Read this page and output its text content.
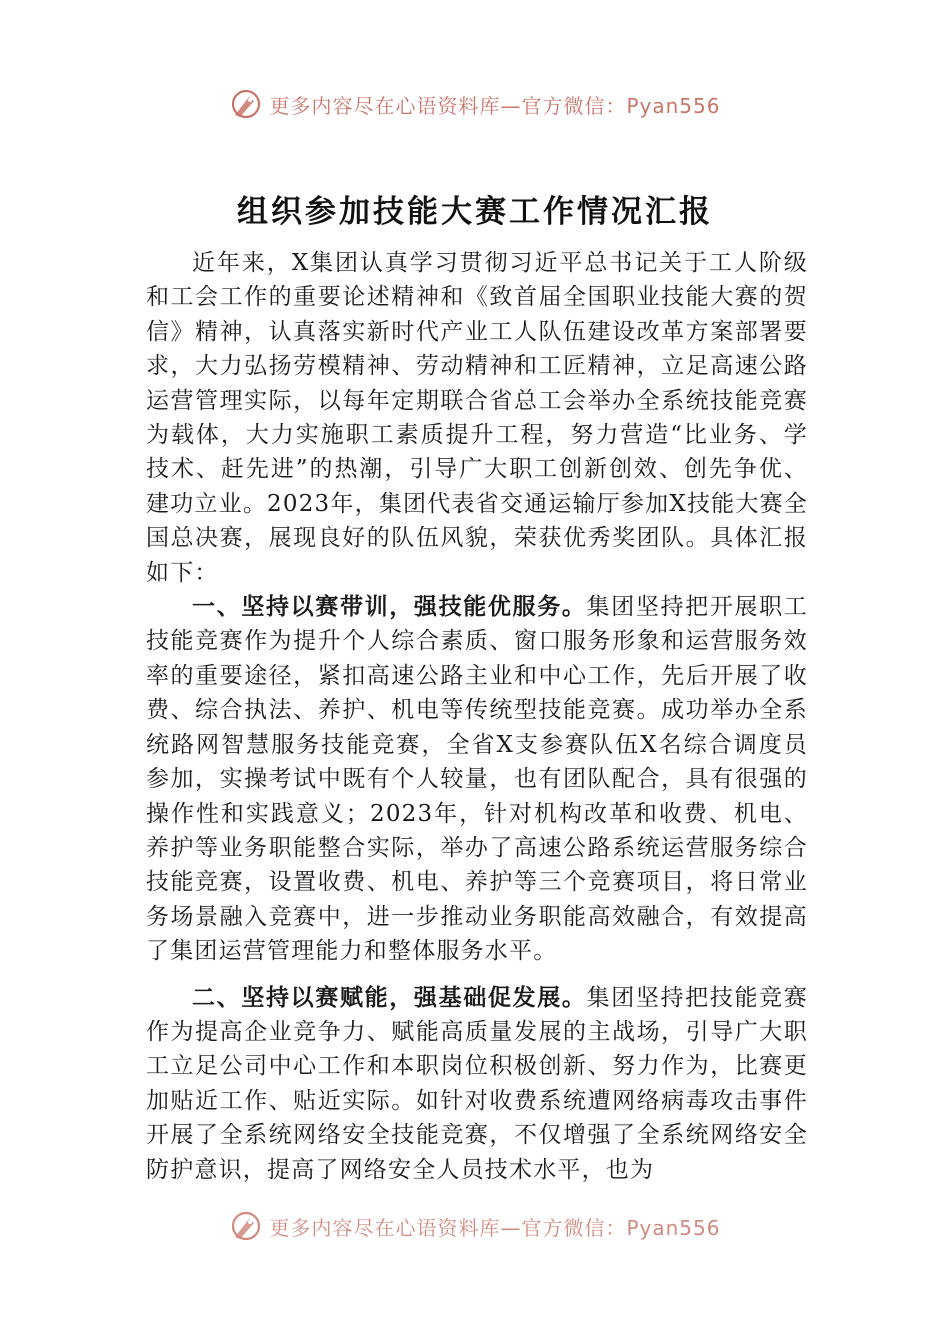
更多内容尽在心语资料库—官方微信：Pyan556
组织参加技能大赛工作情况汇报

近年来，X集团认真学习贯彻习近平总书记关于工人阶级和工会工作的重要论述精神和《致首届全国职业技能大赛的贺信》精神，认真落实新时代产业工人队伍建设改革方案部署要求，大力弘扬劳模精神、劳动精神和工匠精神，立足高速公路运营管理实际，以每年定期联合省总工会举办全系统技能竞赛为载体，大力实施职工素质提升工程，努力营造“比业务、学技术、赶先进”的热潮，引导广大职工创新创效、创先争优、建功立业。2023年，集团代表省交通运输厅参加X技能大赛全国总决赛，展现良好的队伍风貌，荣获优秀奖团队。具体汇报如下：

一、坚持以赛带训，强技能优服务。集团坚持把开展职工技能竞赛作为提升个人综合素质、窗口服务形象和运营服务效率的重要途径，紧扣高速公路主业和中心工作，先后开展了收费、综合执法、养护、机电等传统型技能竞赛。成功举办全系统路网智慧服务技能竞赛，全省X支参赛队伍X名综合调度员参加，实操考试中既有个人较量，也有团队配合，具有很强的操作性和实践意义；2023年，针对机构改革和收费、机电、养护等业务职能整合实际，举办了高速公路系统运营服务综合技能竞赛，设置收费、机电、养护等三个竞赛项目，将日常业务场景融入竞赛中，进一步推动业务职能高效融合，有效提高了集团运营管理能力和整体服务水平。

二、坚持以赛赋能，强基础促发展。集团坚持把技能竞赛作为提高企业竞争力、赋能高质量发展的主战场，引导广大职工立足公司中心工作和本职岗位积极创新、努力作为，比赛更加贴近工作、贴近实际。如针对收费系统遭网络病毒攻击事件开展了全系统网络安全技能竞赛，不仅增强了全系统网络安全防护意识，提高了网络安全人员技术水平，也为

更多内容尽在心语资料库—官方微信：Pyan556
